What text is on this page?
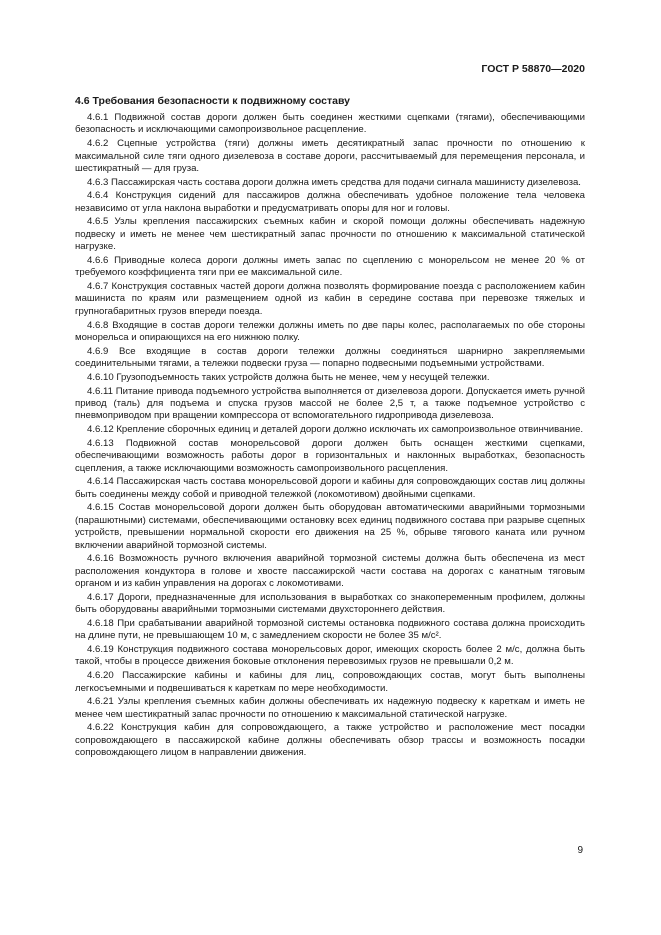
ГОСТ Р 58870—2020
4.6 Требования безопасности к подвижному составу

4.6.1 Подвижной состав дороги должен быть соединен жесткими сцепками (тягами), обеспечивающими безопасность и исключающими самопроизвольное расцепление.

4.6.2 Сцепные устройства (тяги) должны иметь десятикратный запас прочности по отношению к максимальной силе тяги одного дизелевоза в составе дороги, рассчитываемый для перемещения персонала, и шестикратный — для груза.

4.6.3 Пассажирская часть состава дороги должна иметь средства для подачи сигнала машинисту дизелевоза.

4.6.4 Конструкция сидений для пассажиров должна обеспечивать удобное положение тела человека независимо от угла наклона выработки и предусматривать опоры для ног и головы.

4.6.5 Узлы крепления пассажирских съемных кабин и скорой помощи должны обеспечивать надежную подвеску и иметь не менее чем шестикратный запас прочности по отношению к максимальной статической нагрузке.

4.6.6 Приводные колеса дороги должны иметь запас по сцеплению с монорельсом не менее 20 % от требуемого коэффициента тяги при ее максимальной силе.

4.6.7 Конструкция составных частей дороги должна позволять формирование поезда с расположением кабин машиниста по краям или размещением одной из кабин в середине состава при перевозке тяжелых и групногабаритных грузов впереди поезда.

4.6.8 Входящие в состав дороги тележки должны иметь по две пары колес, располагаемых по обе стороны монорельса и опирающихся на его нижнюю полку.

4.6.9 Все входящие в состав дороги тележки должны соединяться шарнирно закрепляемыми соединительными тягами, а тележки подвески груза — попарно подвесными подъемными устройствами.

4.6.10 Грузоподъемность таких устройств должна быть не менее, чем у несущей тележки.

4.6.11 Питание привода подъемного устройства выполняется от дизелевоза дороги. Допускается иметь ручной привод (таль) для подъема и спуска грузов массой не более 2,5 т, а также подъемное устройство с пневмоприводом при вращении компрессора от вспомогательного гидропривода дизелевоза.

4.6.12 Крепление сборочных единиц и деталей дороги должно исключать их самопроизвольное отвинчивание.

4.6.13 Подвижной состав монорельсовой дороги должен быть оснащен жесткими сцепками, обеспечивающими возможность работы дорог в горизонтальных и наклонных выработках, безопасность сцепления, а также исключающими возможность самопроизвольного расцепления.

4.6.14 Пассажирская часть состава монорельсовой дороги и кабины для сопровождающих состав лиц должны быть соединены между собой и приводной тележкой (локомотивом) двойными сцепками.

4.6.15 Состав монорельсовой дороги должен быть оборудован автоматическими аварийными тормозными (парашютными) системами, обеспечивающими остановку всех единиц подвижного состава при разрыве сцепных устройств, превышении нормальной скорости его движения на 25 %, обрыве тягового каната или ручном включении аварийной тормозной системы.

4.6.16 Возможность ручного включения аварийной тормозной системы должна быть обеспечена из мест расположения кондуктора в голове и хвосте пассажирской части состава на дорогах с канатным тяговым органом и из кабин управления на дорогах с локомотивами.

4.6.17 Дороги, предназначенные для использования в выработках со знакопеременным профилем, должны быть оборудованы аварийными тормозными системами двухстороннего действия.

4.6.18 При срабатывании аварийной тормозной системы остановка подвижного состава должна происходить на длине пути, не превышающем 10 м, с замедлением скорости не более 35 м/с².

4.6.19 Конструкция подвижного состава монорельсовых дорог, имеющих скорость более 2 м/с, должна быть такой, чтобы в процессе движения боковые отклонения перевозимых грузов не превышали 0,2 м.

4.6.20 Пассажирские кабины и кабины для лиц, сопровождающих состав, могут быть выполнены легкосъемными и подвешиваться к кареткам по мере необходимости.

4.6.21 Узлы крепления съемных кабин должны обеспечивать их надежную подвеску к кареткам и иметь не менее чем шестикратный запас прочности по отношению к максимальной статической нагрузке.

4.6.22 Конструкция кабин для сопровождающего, а также устройство и расположение мест посадки сопровождающего в пассажирской кабине должны обеспечивать обзор трассы и возможность посадки сопровождающего лицом в направлении движения.

9
